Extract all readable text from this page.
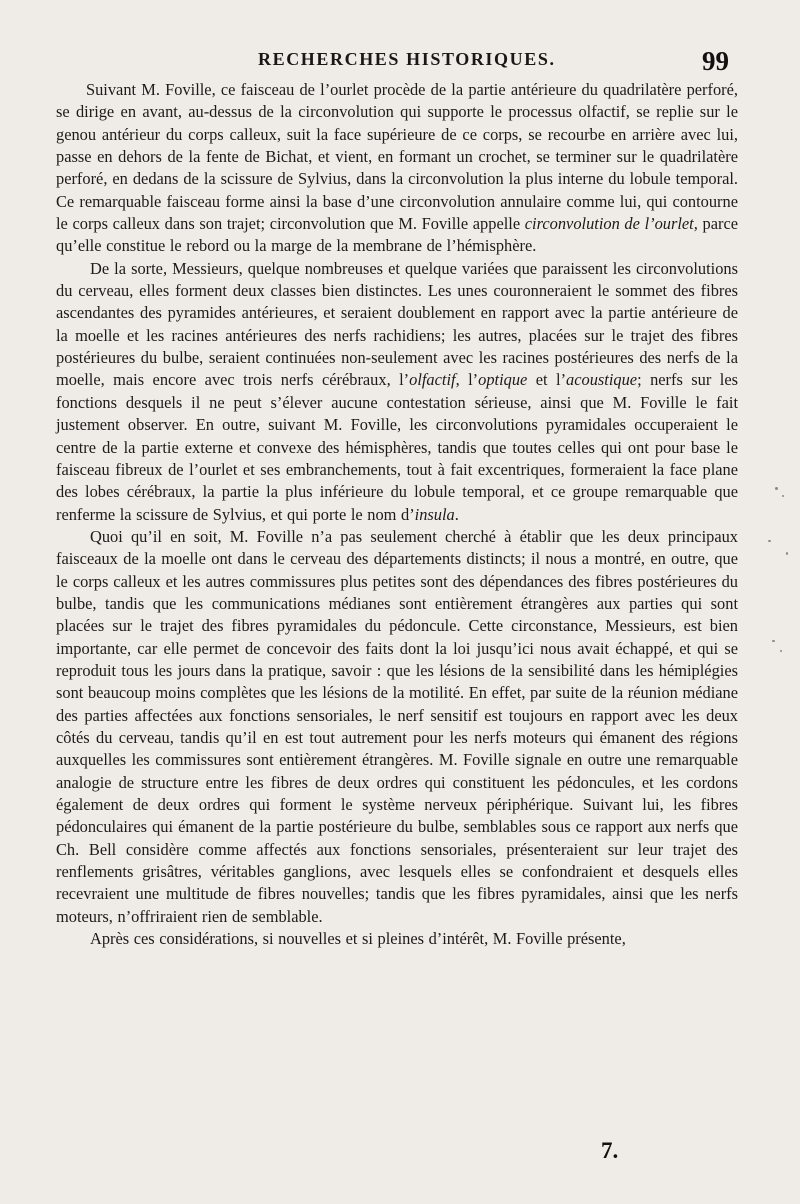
RECHERCHES HISTORIQUES.	99

Suivant M. Foville, ce faisceau de l’ourlet procède de la partie antérieure du quadrilatère perforé, se dirige en avant, au-dessus de la circonvolution qui supporte le processus olfactif, se replie sur le genou antérieur du corps calleux, suit la face supérieure de ce corps, se recourbe en arrière avec lui, passe en dehors de la fente de Bichat, et vient, en formant un crochet, se terminer sur le quadrilatère perforé, en dedans de la scissure de Sylvius, dans la circonvolution la plus interne du lobule temporal. Ce remarquable faisceau forme ainsi la base d’une circonvolution annulaire comme lui, qui contourne le corps calleux dans son trajet; circonvolution que M. Foville appelle circonvolution de l’ourlet, parce qu’elle constitue le rebord ou la marge de la membrane de l’hémisphère.

De la sorte, Messieurs, quelque nombreuses et quelque variées que paraissent les circonvolutions du cerveau, elles forment deux classes bien distinctes. Les unes couronneraient le sommet des fibres ascendantes des pyramides antérieures, et seraient doublement en rapport avec la partie antérieure de la moelle et les racines antérieures des nerfs rachidiens; les autres, placées sur le trajet des fibres postérieures du bulbe, seraient continuées non-seulement avec les racines postérieures des nerfs de la moelle, mais encore avec trois nerfs cérébraux, l’olfactif, l’optique et l’acoustique; nerfs sur les fonctions desquels il ne peut s’élever aucune contestation sérieuse, ainsi que M. Foville le fait justement observer. En outre, suivant M. Foville, les circonvolutions pyramidales occuperaient le centre de la partie externe et convexe des hémisphères, tandis que toutes celles qui ont pour base le faisceau fibreux de l’ourlet et ses embranchements, tout à fait excentriques, formeraient la face plane des lobes cérébraux, la partie la plus inférieure du lobule temporal, et ce groupe remarquable que renferme la scissure de Sylvius, et qui porte le nom d’insula.

Quoi qu’il en soit, M. Foville n’a pas seulement cherché à établir que les deux principaux faisceaux de la moelle ont dans le cerveau des départements distincts; il nous a montré, en outre, que le corps calleux et les autres commissures plus petites sont des dépendances des fibres postérieures du bulbe, tandis que les communications médianes sont entièrement étrangères aux parties qui sont placées sur le trajet des fibres pyramidales du pédoncule. Cette circonstance, Messieurs, est bien importante, car elle permet de concevoir des faits dont la loi jusqu’ici nous avait échappé, et qui se reproduit tous les jours dans la pratique, savoir : que les lésions de la sensibilité dans les hémiplégies sont beaucoup moins complètes que les lésions de la motilité. En effet, par suite de la réunion médiane des parties affectées aux fonctions sensoriales, le nerf sensitif est toujours en rapport avec les deux côtés du cerveau, tandis qu’il en est tout autrement pour les nerfs moteurs qui émanent des régions auxquelles les commissures sont entièrement étrangères. M. Foville signale en outre une remarquable analogie de structure entre les fibres de deux ordres qui constituent les pédoncules, et les cordons également de deux ordres qui forment le système nerveux périphérique. Suivant lui, les fibres pédonculaires qui émanent de la partie postérieure du bulbe, semblables sous ce rapport aux nerfs que Ch. Bell considère comme affectés aux fonctions sensoriales, présenteraient sur leur trajet des renflements grisâtres, véritables ganglions, avec lesquels elles se confondraient et desquels elles recevraient une multitude de fibres nouvelles; tandis que les fibres pyramidales, ainsi que les nerfs moteurs, n’offriraient rien de semblable.

Après ces considérations, si nouvelles et si pleines d’intérêt, M. Foville présente,

7.
